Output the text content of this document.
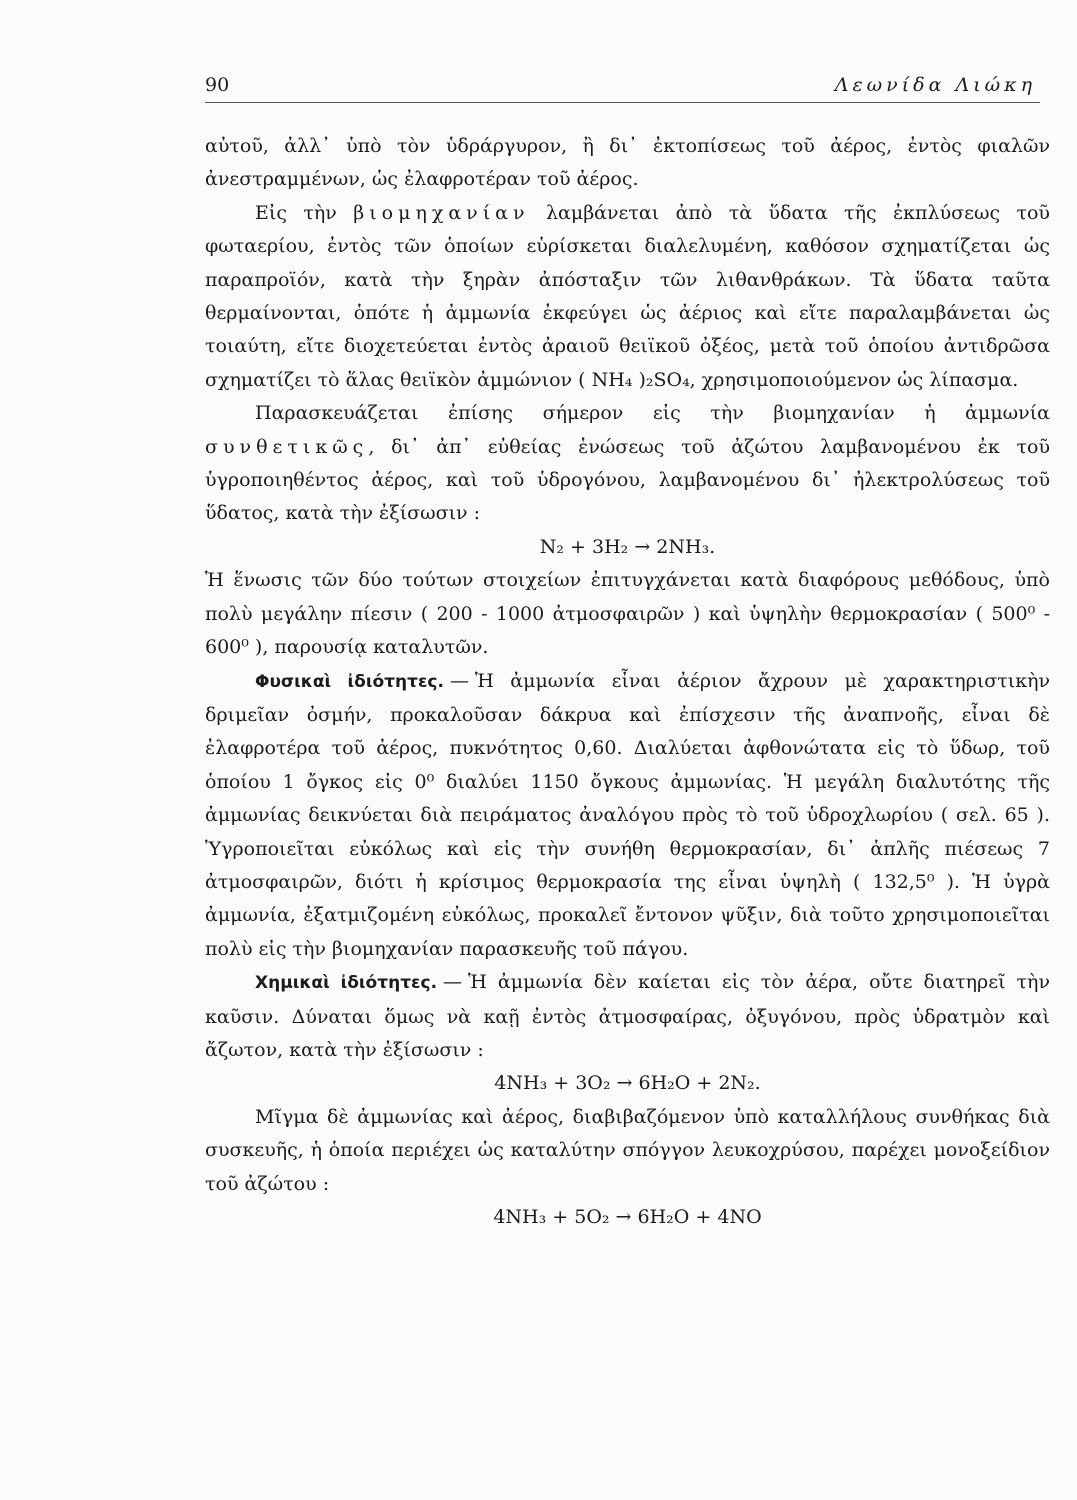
90	Λεωνίδα Λιώκη

αὐτοῦ, ἀλλ᾽ ὑπὸ τὸν ὑδράργυρον, ἢ δι᾽ ἐκτοπίσεως τοῦ ἀέρος, ἐντὸς φιαλῶν ἀνεστραμμένων, ὡς ἐλαφροτέραν τοῦ ἀέρος.

Εἰς τὴν βιομηχανίαν λαμβάνεται ἀπὸ τὰ ὕδατα τῆς ἐκπλύσεως τοῦ φωταερίου, ἐντὸς τῶν ὁποίων εὑρίσκεται διαλελυμένη, καθόσον σχηματίζεται ὡς παραπροϊόν, κατὰ τὴν ξηρὰν ἀπόσταξιν τῶν λιθανθράκων. Τὰ ὕδατα ταῦτα θερμαίνονται, ὁπότε ἡ ἀμμωνία ἐκφεύγει ὡς ἀέριος καὶ εἴτε παραλαμβάνεται ὡς τοιαύτη, εἴτε διοχετεύεται ἐντὸς ἀραιοῦ θειϊκοῦ ὀξέος, μετὰ τοῦ ὁποίου ἀντιδρῶσα σχηματίζει τὸ ἅλας θειϊκὸν ἀμμώνιον ( NH₄ )₂SO₄, χρησιμοποιούμενον ὡς λίπασμα.

Παρασκευάζεται ἐπίσης σήμερον εἰς τὴν βιομηχανίαν ἡ ἀμμωνία συνθετικῶς, δι᾽ ἀπ᾽ εὐθείας ἑνώσεως τοῦ ἀζώτου λαμβανομένου ἐκ τοῦ ὑγροποιηθέντος ἀέρος, καὶ τοῦ ὑδρογόνου, λαμβανομένου δι᾽ ἠλεκτρολύσεως τοῦ ὕδατος, κατὰ τὴν ἐξίσωσιν :

N₂ + 3H₂ → 2NH₃.

Ἡ ἕνωσις τῶν δύο τούτων στοιχείων ἐπιτυγχάνεται κατὰ διαφόρους μεθόδους, ὑπὸ πολὺ μεγάλην πίεσιν ( 200 - 1000 ἀτμοσφαιρῶν ) καὶ ὑψηλὴν θερμοκρασίαν ( 500⁰ - 600⁰ ), παρουσίᾳ καταλυτῶν.

Φυσικαὶ ἰδιότητες. — Ἡ ἀμμωνία εἶναι ἀέριον ἄχρουν μὲ χαρακτηριστικὴν δριμεῖαν ὀσμήν, προκαλοῦσαν δάκρυα καὶ ἐπίσχεσιν τῆς ἀναπνοῆς, εἶναι δὲ ἐλαφροτέρα τοῦ ἀέρος, πυκνότητος 0,60. Διαλύεται ἀφθονώτατα εἰς τὸ ὕδωρ, τοῦ ὁποίου 1 ὄγκος εἰς 0⁰ διαλύει 1150 ὄγκους ἀμμωνίας. Ἡ μεγάλη διαλυτότης τῆς ἀμμωνίας δεικνύεται διὰ πειράματος ἀναλόγου πρὸς τὸ τοῦ ὑδροχλωρίου ( σελ. 65 ). Ὑγροποιεῖται εὐκόλως καὶ εἰς τὴν συνήθη θερμοκρασίαν, δι᾽ ἁπλῆς πιέσεως 7 ἀτμοσφαιρῶν, διότι ἡ κρίσιμος θερμοκρασία της εἶναι ὑψηλὴ ( 132,5⁰ ). Ἡ ὑγρὰ ἀμμωνία, ἐξατμιζομένη εὐκόλως, προκαλεῖ ἔντονον ψῦξιν, διὰ τοῦτο χρησιμοποιεῖται πολὺ εἰς τὴν βιομηχανίαν παρασκευῆς τοῦ πάγου.

Χημικαὶ ἰδιότητες. — Ἡ ἀμμωνία δὲν καίεται εἰς τὸν ἀέρα, οὔτε διατηρεῖ τὴν καῦσιν. Δύναται ὅμως νὰ καῇ ἐντὸς ἀτμοσφαίρας, ὀξυγόνου, πρὸς ὑδρατμὸν καὶ ἄζωτον, κατὰ τὴν ἐξίσωσιν :

4NH₃ + 3O₂ → 6H₂O + 2N₂.

Μῖγμα δὲ ἀμμωνίας καὶ ἀέρος, διαβιβαζόμενον ὑπὸ καταλλήλους συνθήκας διὰ συσκευῆς, ἡ ὁποία περιέχει ὡς καταλύτην σπόγγον λευκοχρύσου, παρέχει μονοξείδιον τοῦ ἀζώτου :

4NH₃ + 5O₂ → 6H₂O + 4NO
